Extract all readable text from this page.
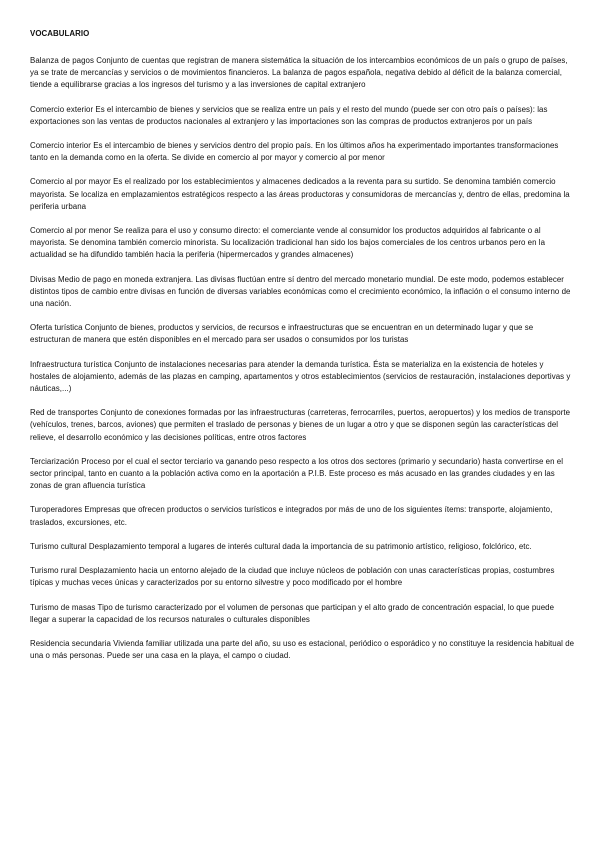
VOCABULARIO

Balanza de pagos Conjunto de cuentas que registran de manera sistemática la situación de los intercambios económicos de un país o grupo de países, ya se trate de mercancías y servicios o de movimientos financieros. La balanza de pagos española, negativa debido al déficit de la balanza comercial, tiende a equilibrarse gracias a los ingresos del turismo y a las inversiones de capital extranjero

Comercio exterior Es el intercambio de bienes y servicios que se realiza entre un país y el resto del mundo (puede ser con otro país o países): las exportaciones son las ventas de productos nacionales al extranjero y las importaciones son las compras de productos extranjeros por un país

Comercio interior Es el intercambio de bienes y servicios dentro del propio país. En los últimos años ha experimentado importantes transformaciones tanto en la demanda como en la oferta. Se divide en comercio al por mayor y comercio al por menor

Comercio al por mayor Es el realizado por los establecimientos y almacenes dedicados a la reventa para su surtido. Se denomina también comercio mayorista. Se localiza en emplazamientos estratégicos respecto a las áreas productoras y consumidoras de mercancías y, dentro de ellas, predomina la periferia urbana

Comercio al por menor Se realiza para el uso y consumo directo: el comerciante vende al consumidor los productos adquiridos al fabricante o al mayorista. Se denomina también comercio minorista. Su localización tradicional han sido los bajos comerciales de los centros urbanos pero en la actualidad se ha difundido también hacia la periferia (hipermercados y grandes almacenes)

Divisas Medio de pago en moneda extranjera. Las divisas fluctúan entre sí dentro del mercado monetario mundial. De este modo, podemos establecer distintos tipos de cambio entre divisas en función de diversas variables económicas como el crecimiento económico, la inflación o el consumo interno de una nación.

Oferta turística Conjunto de bienes, productos y servicios, de recursos e infraestructuras que se encuentran en un determinado lugar y que se estructuran de manera que estén disponibles en el mercado para ser usados o consumidos por los turistas

Infraestructura turística Conjunto de instalaciones necesarias para atender la demanda turística. Ésta se materializa en la existencia de hoteles y hostales de alojamiento, además de las plazas en camping, apartamentos y otros establecimientos (servicios de restauración, instalaciones deportivas y náuticas,...)

Red de transportes Conjunto de conexiones formadas por las infraestructuras (carreteras, ferrocarriles, puertos, aeropuertos) y los medios de transporte (vehículos, trenes, barcos, aviones) que permiten el traslado de personas y bienes de un lugar a otro y que se disponen según las características del relieve, el desarrollo económico y las decisiones políticas, entre otros factores

Terciarización Proceso por el cual el sector terciario va ganando peso respecto a los otros dos sectores (primario y secundario) hasta convertirse en el sector principal, tanto en cuanto a la población activa como en la aportación a P.I.B. Este proceso es más acusado en las grandes ciudades y en las zonas de gran afluencia turística

Turoperadores Empresas que ofrecen productos o servicios turísticos e integrados por más de uno de los siguientes ítems: transporte, alojamiento, traslados, excursiones, etc.

Turismo cultural Desplazamiento temporal a lugares de interés cultural dada la importancia de su patrimonio artístico, religioso, folclórico, etc.

Turismo rural Desplazamiento hacia un entorno alejado de la ciudad que incluye núcleos de población con unas características propias, costumbres típicas y muchas veces únicas y caracterizados por su entorno silvestre y poco modificado por el hombre

Turismo de masas Tipo de turismo caracterizado por el volumen de personas que participan y el alto grado de concentración espacial, lo que puede llegar a superar la capacidad de los recursos naturales o culturales disponibles

Residencia secundaria Vivienda familiar utilizada una parte del año, su uso es estacional, periódico o esporádico y no constituye la residencia habitual de una o más personas. Puede ser una casa en la playa, el campo o ciudad.
